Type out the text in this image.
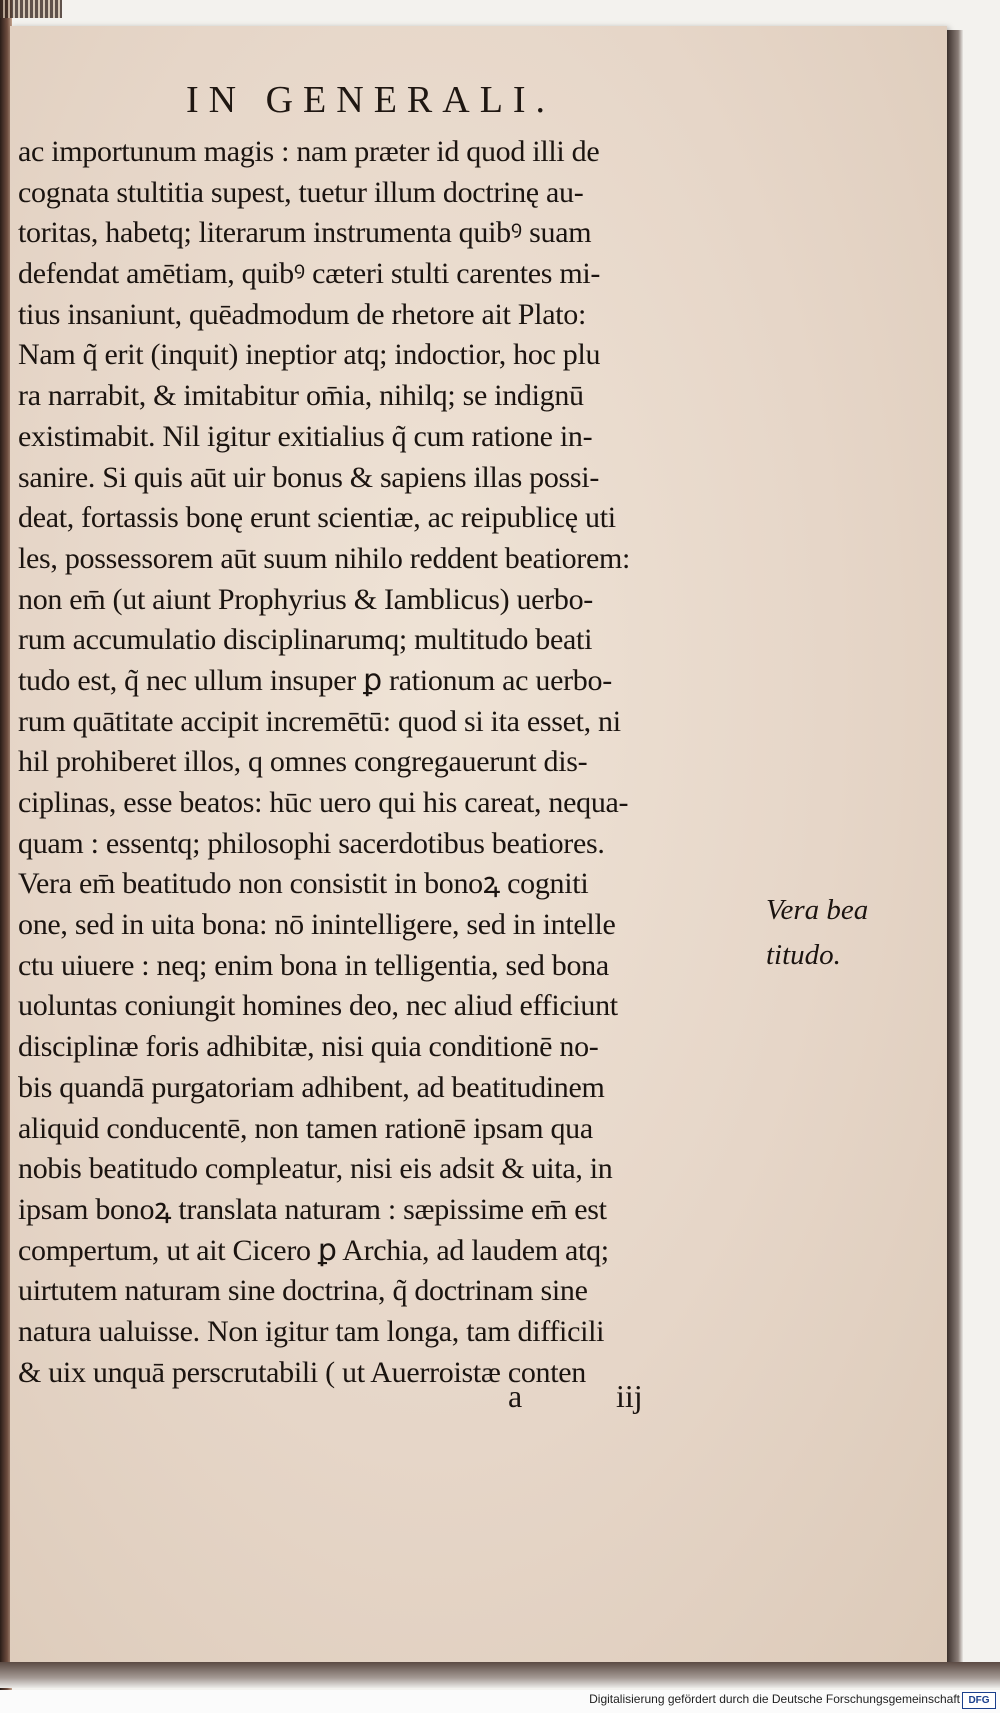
IN GENERALI.
ac importunum magis : nam præter id quod illi de
cognata stultitia supest, tuetur illum doctrinę au-
toritas, habetq; literarum instrumenta quibꝰ suam
defendat amētiam, quibꝰ cæteri stulti carentes mi-
tius insaniunt, quēadmodum de rhetore ait Plato:
Nam q̃ erit (inquit) ineptior atq; indoctior, hoc plu
ra narrabit, & imitabitur om̄ia, nihilq; se indignū
existimabit. Nil igitur exitialius q̃ cum ratione in-
sanire. Si quis aūt uir bonus & sapiens illas possi-
deat, fortassis bonę erunt scientiæ, ac reipublicę uti
les, possessorem aūt suum nihilo reddent beatiorem:
non em̄ (ut aiunt Prophyrius & Iamblicus) uerbo-
rum accumulatio disciplinarumq; multitudo beati
tudo est, q̃ nec ullum insuper ꝑ rationum ac uerbo-
rum quātitate accipit incremētū: quod si ita esset, ni
hil prohiberet illos, q omnes congregauerunt dis-
ciplinas, esse beatos: hūc uero qui his careat, nequa-
quam : essentq; philosophi sacerdotibus beatiores.
Vera em̄ beatitudo non consistit in bonoꝝ cogniti
one, sed in uita bona: nō inintelligere, sed in intelle
ctu uiuere : neq; enim bona in telligentia, sed bona
uoluntas coniungit homines deo, nec aliud efficiunt
disciplinæ foris adhibitæ, nisi quia conditionē no-
bis quandā purgatoriam adhibent, ad beatitudinem
aliquid conducentē, non tamen rationē ipsam qua
nobis beatitudo compleatur, nisi eis adsit & uita, in
ipsam bonoꝝ translata naturam : sæpissime em̄ est
compertum, ut ait Cicero ꝑ Archia, ad laudem atq;
uirtutem naturam sine doctrina, q̃ doctrinam sine
natura ualuisse. Non igitur tam longa, tam difficili
& uix unquā perscrutabili ( ut Auerroistæ conten
Vera bea
titudo.
a	iij
Digitalisierung gefördert durch die Deutsche Forschungsgemeinschaft DFG
